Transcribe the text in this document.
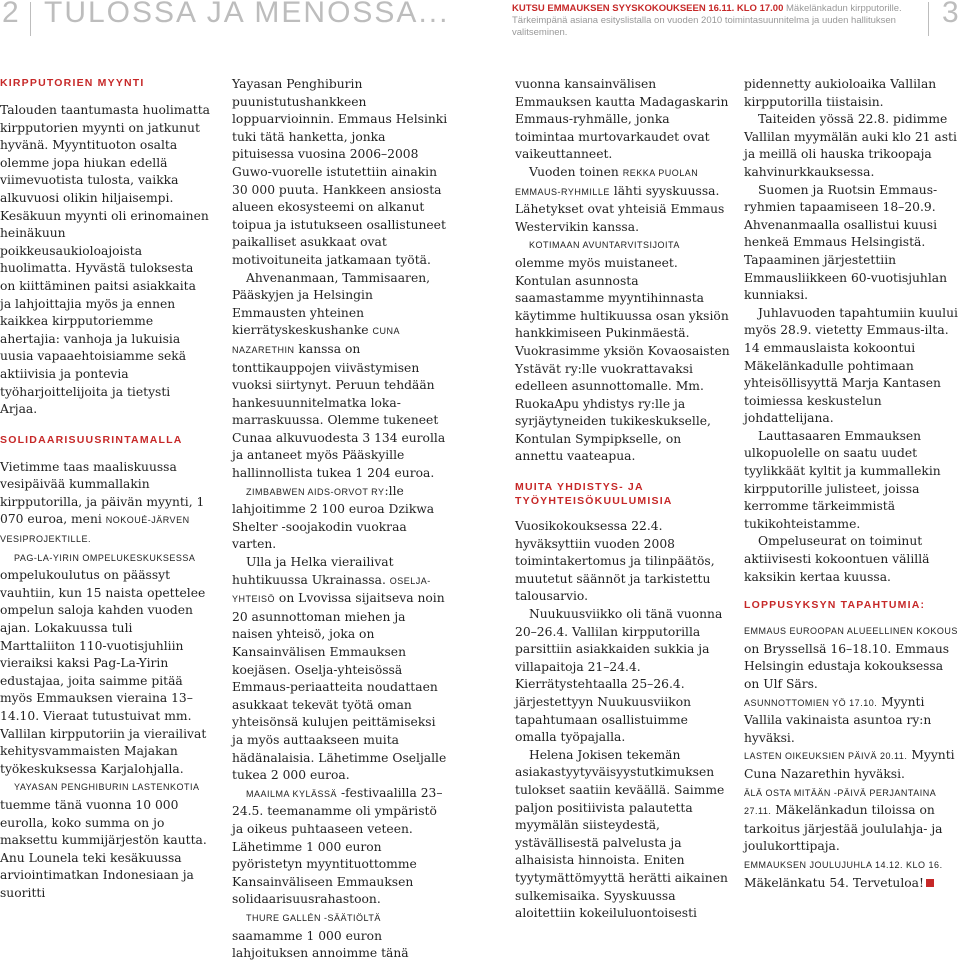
2 TULOSSA JA MENOSSA...	KUTSU EMMAUKSEN SYYSKOKOUKSEEN 16.11. KLO 17.00 Mäkelänkadun kirpputorille. Tärkeimpänä asiana esityslistalla on vuoden 2010 toimintasuunnitelma ja uuden hallituksen valitseminen.
3
KIRPPUTORIEN MYYNTI

Talouden taantumasta huolimatta kirpputorien myynti on jatkunut hyvänä. Myyntituoton osalta olemme jopa hiukan edellä viimevuotista tulosta, vaikka alkuvuosi olikin hiljaisempi. Kesäkuun myynti oli erinomainen heinäkuun poikkeusaukioloajoista huolimatta. Hyvästä tuloksesta on kiittäminen paitsi asiakkaita ja lahjoittajia myös ja ennen kaikkea kirpputoriemme ahertajia: vanhoja ja lukuisia uusia vapaaehtoisiamme sekä aktiivisia ja pontevia työharjoittelijoita ja tietysti Arjaa.

SOLIDAARISUUSRINTAMALLA

Vietimme taas maaliskuussa vesipäivää kummallakin kirpputorilla, ja päivän myynti, 1 070 euroa, meni NOKOUÉ-JÄRVEN VESIPROJEKTILLE.

PAG-LA-YIRIN OMPELUKESKUKSESSA ompelukoulutus on päässyt vauhtiin, kun 15 naista opettelee ompelun saloja kahden vuoden ajan. Lokakuussa tuli Marttaliiton 110-vuotisjuhliin vieraiksi kaksi Pag-La-Yirin edustajaa, joita saimme pitää myös Emmauksen vieraina 13–14.10. Vieraat tutustuivat mm. Vallilan kirpputoriin ja vierailivat kehitysvammaisten Majakan työkeskuksessa Karjalohjalla.

YAYASAN PENGHIBURIN LASTENKOTIA tuemme tänä vuonna 10 000 eurolla, koko summa on jo maksettu kummijärjestön kautta. Anu Lounela teki kesäkuussa arviointimatkan Indonesiaan ja suoritti

Yayasan Penghiburin puunistutushankkeen loppuarvioinnin. Emmaus Helsinki tuki tätä hanketta, jonka pituisessa vuosina 2006–2008 Guwo-vuorelle istutettiin ainakin 30 000 puuta. Hankkeen ansiosta alueen ekosysteemi on alkanut toipua ja istutukseen osallistuneet paikalliset asukkaat ovat motivoituneita jatkamaan työtä.

Ahvenanmaan, Tammisaaren, Pääskyjen ja Helsingin Emmausten yhteinen kierrätyskeskushanke CUNA NAZARETHIN kanssa on tonttikauppojen viivästymisen vuoksi siirtynyt. Peruun tehdään hankesuunnitelmatka loka-marraskuussa. Olemme tukeneet Cunaa alkuvuodesta 3 134 eurolla ja antaneet myös Pääskyille hallinnollista tukea 1 204 euroa.

ZIMBABWEN AIDS-ORVOT RY:lle lahjoitimme 2 100 euroa Dzikwa Shelter -soojakodin vuokraa varten.

Ulla ja Helka vierailivat huhtikuussa Ukrainassa. OSELJA-YHTEISÖ on Lvovissa sijaitseva noin 20 asunnottoman miehen ja naisen yhteisö, joka on Kansainvälisen Emmauksen koejäsen. Oselja-yhteisössä Emmaus-periaatteita noudattaen asukkaat tekevät työtä oman yhteisönsä kulujen peittämiseksi ja myös auttaakseen muita hädänalaisia. Lähetimme Oseljalle tukea 2 000 euroa.

MAAILMA KYLÄSSÄ -festivaalilla 23–24.5. teemanamme oli ympäristö ja oikeus puhtaaseen veteen. Lähetimme 1 000 euron pyöristetyn myyntituottomme Kansainväliseen Emmauksen solidaarisuusrahastoon.

THURE GALLÉN -SÄÄTIÖLTÄ saamamme 1 000 euron lahjoituksen annoimme tänä

vuonna kansainvälisen Emmauksen kautta Madagaskarin Emmaus-ryhmälle, jonka toimintaa murtovarkaudet ovat vaikeuttanneet.

Vuoden toinen REKKA PUOLAN EMMAUS-RYHMILLE lähti syyskuussa. Lähetykset ovat yhteisiä Emmaus Westervikin kanssa.

KOTIMAAN AVUNTARVITSIJOITA olemme myös muistaneet. Kontulan asunnosta saamastamme myyntihinnasta käytimme hultikuussa osan yksiön hankkimiseen Pukinmäestä. Vuokrasimme yksiön Kovaosaisten Ystävät ry:lle vuokrattavaksi edelleen asunnottomalle. Mm. RuokaApu yhdistys ry:lle ja syrjäytyneiden tukikeskukselle, Kontulan Sympipkselle, on annettu vaateapua.

MUITA YHDISTYS- JA TYÖYHTEISÖKUULUMISIA

Vuosikokouksessa 22.4. hyväksyttiin vuoden 2008 toimintakertomus ja tilinpäätös, muutetut säännöt ja tarkistettu talousarvio.

Nuukuusviikko oli tänä vuonna 20–26.4. Vallilan kirpputorilla parsittiin asiakkaiden sukkia ja villapaitoja 21–24.4. Kierrätystehtaalla 25–26.4. järjestettyyn Nuukuusviikon tapahtumaan osallistuimme omalla työpajalla.

Helena Jokisen tekemän asiakastyytyväisyystutkimuksen tulokset saatiin keväällä. Saimme paljon positiivista palautetta myymälän siisteydestä, ystävällisestä palvelusta ja alhaisista hinnoista. Eniten tyytymättömyyttä herätti aikainen sulkemisaika. Syyskuussa aloitettiin kokeiluluontoisesti

pidennetty aukioloaika Vallilan kirpputorilla tiistaisin.

Taiteiden yössä 22.8. pidimme Vallilan myymälän auki klo 21 asti ja meillä oli hauska trikoopaja kahvinurkkauksessa.

Suomen ja Ruotsin Emmaus-ryhmien tapaamiseen 18–20.9. Ahvenanmaalla osallistui kuusi henkeä Emmaus Helsingistä. Tapaaminen järjestettiin Emmausliikkeen 60-vuotisjuhlan kunniaksi.

Juhlavuoden tapahtumiin kuului myös 28.9. vietetty Emmaus-ilta. 14 emmauslaista kokoontui Mäkelänkadulle pohtimaan yhteisöllisyyttä Marja Kantasen toimiessa keskustelun johdattelijana.

Lauttasaaren Emmauksen ulkopuolelle on saatu uudet tyylikkäät kyltit ja kummallekin kirpputorille julisteet, joissa kerromme tärkeimmistä tukikohteistamme.

Ompeluseurat on toiminut aktiivisesti kokoontuen välillä kaksikin kertaa kuussa.

LOPPUSYKSYN TAPAHTUMIA:

EMMAUS EUROOPAN ALUEELLINEN KOKOUS on Bryssellsä 16–18.10. Emmaus Helsingin edustaja kokouksessa on Ulf Särs.

ASUNNOTTOMIEN YÖ 17.10. Myynti Vallila vakinaista asuntoa ry:n hyväksi.

LASTEN OIKEUKSIEN PÄIVÄ 20.11. Myynti Cuna Nazarethin hyväksi.

ÄLÄ OSTA MITÄÄN -PÄIVÄ PERJANTAINA 27.11. Mäkelänkadun tilоissa on tarkoitus järjestää joululahja- ja joulukorttipaja.

EMMAUKSEN JOULUJUHLA 14.12. KLO 16. Mäkelänkatu 54. Tervetuloa!
